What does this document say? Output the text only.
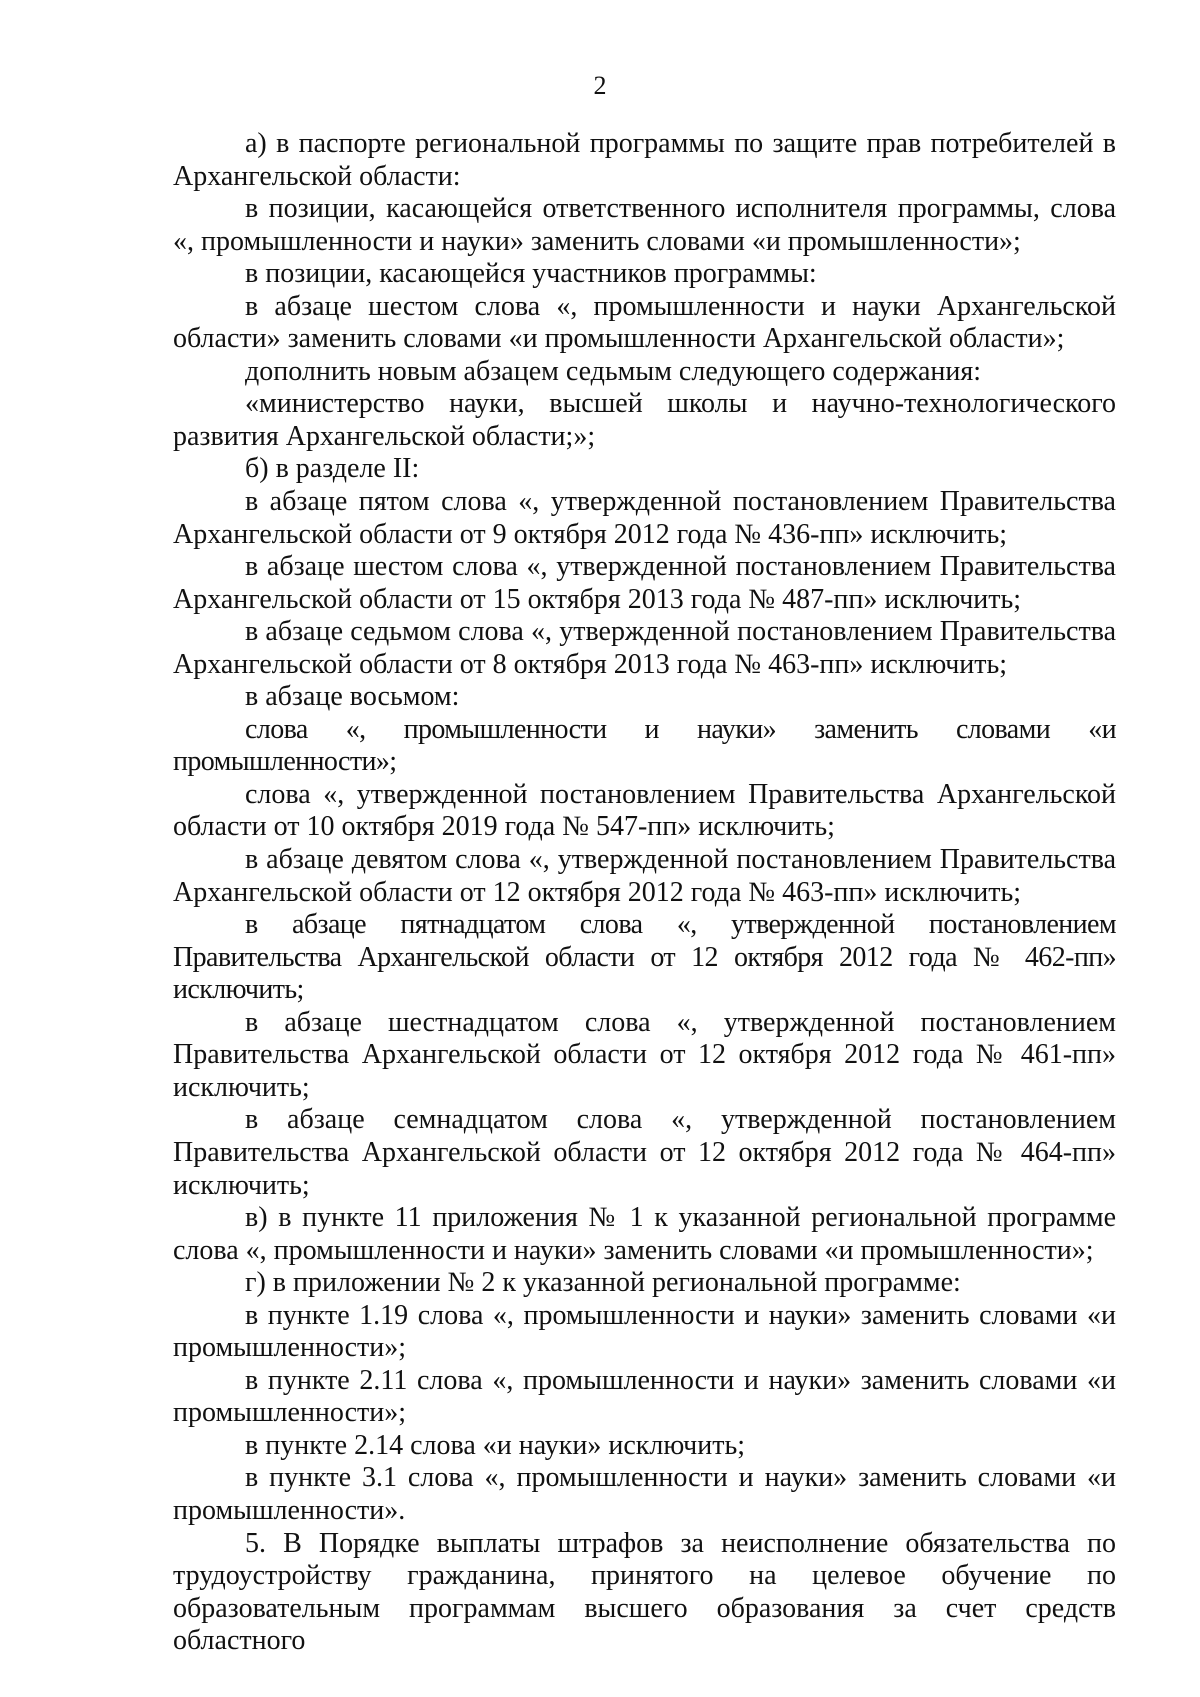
2

а) в паспорте региональной программы по защите прав потребителей в Архангельской области:

в позиции, касающейся ответственного исполнителя программы, слова «, промышленности и науки» заменить словами «и промышленности»;

в позиции, касающейся участников программы:

в абзаце шестом слова «, промышленности и науки Архангельской области» заменить словами «и промышленности Архангельской области»;

дополнить новым абзацем седьмым следующего содержания:

«министерство науки, высшей школы и научно-технологического развития Архангельской области;»;

б) в разделе II:

в абзаце пятом слова «, утвержденной постановлением Правительства Архангельской области от 9 октября 2012 года № 436-пп» исключить;

в абзаце шестом слова «, утвержденной постановлением Правительства Архангельской области от 15 октября 2013 года № 487-пп» исключить;

в абзаце седьмом слова «, утвержденной постановлением Правительства Архангельской области от 8 октября 2013 года № 463-пп» исключить;

в абзаце восьмом:

слова «, промышленности и науки» заменить словами «и промышленности»;

слова «, утвержденной постановлением Правительства Архангельской области от 10 октября 2019 года № 547-пп» исключить;

в абзаце девятом слова «, утвержденной постановлением Правительства Архангельской области от 12 октября 2012 года № 463-пп» исключить;

в абзаце пятнадцатом слова «, утвержденной постановлением Правительства Архангельской области от 12 октября 2012 года № 462-пп» исключить;

в абзаце шестнадцатом слова «, утвержденной постановлением Правительства Архангельской области от 12 октября 2012 года № 461-пп» исключить;

в абзаце семнадцатом слова «, утвержденной постановлением Правительства Архангельской области от 12 октября 2012 года № 464-пп» исключить;

в) в пункте 11 приложения № 1 к указанной региональной программе слова «, промышленности и науки» заменить словами «и промышленности»;

г) в приложении № 2 к указанной региональной программе:

в пункте 1.19 слова «, промышленности и науки» заменить словами «и промышленности»;

в пункте 2.11 слова «, промышленности и науки» заменить словами «и промышленности»;

в пункте 2.14 слова «и науки» исключить;

в пункте 3.1 слова «, промышленности и науки» заменить словами «и промышленности».

5. В Порядке выплаты штрафов за неисполнение обязательства по трудоустройству гражданина, принятого на целевое обучение по образовательным программам высшего образования за счет средств областного
